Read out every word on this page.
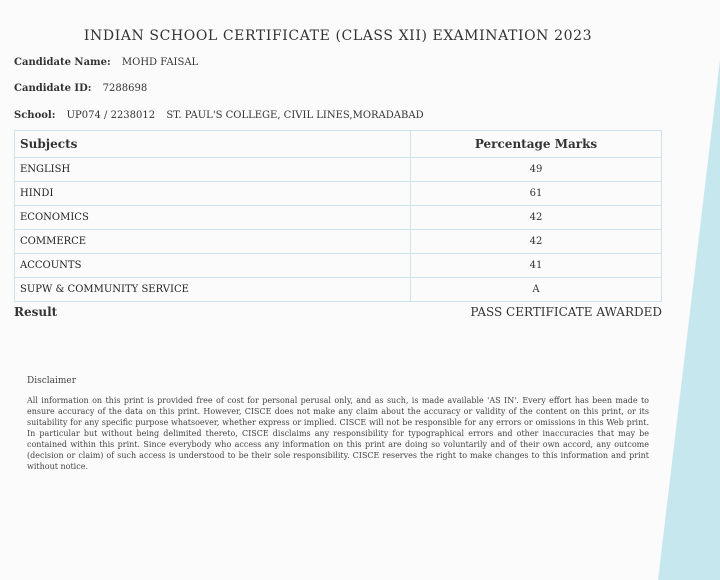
INDIAN SCHOOL CERTIFICATE (CLASS XII) EXAMINATION 2023
Candidate Name: MOHD FAISAL
Candidate ID: 7288698
School: UP074 / 2238012 ST. PAUL'S COLLEGE, CIVIL LINES,MORADABAD
Subjects	Percentage Marks
ENGLISH	49
HINDI	61
ECONOMICS	42
COMMERCE	42
ACCOUNTS	41
SUPW & COMMUNITY SERVICE	A
Result	PASS CERTIFICATE AWARDED
Disclaimer
All information on this print is provided free of cost for personal perusal only, and as such, is made available 'AS IN'. Every effort has been made to ensure accuracy of the data on this print. However, CISCE does not make any claim about the accuracy or validity of the content on this print, or its suitability for any specific purpose whatsoever, whether express or implied. CISCE will not be responsible for any errors or omissions in this Web print. In particular but without being delimited thereto, CISCE disclaims any responsibility for typographical errors and other inaccuracies that may be contained within this print. Since everybody who access any information on this print are doing so voluntarily and of their own accord, any outcome (decision or claim) of such access is understood to be their sole responsibility. CISCE reserves the right to make changes to this information and print without notice.
